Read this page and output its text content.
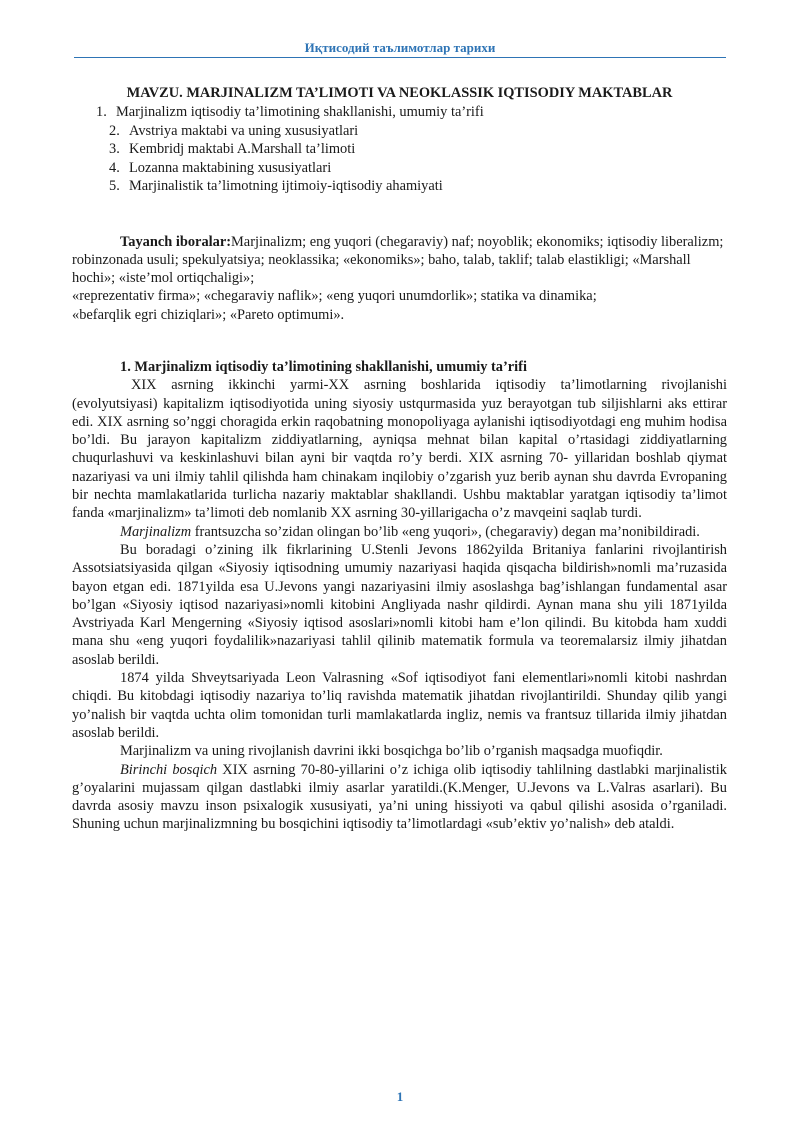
Иқтисодий таълимотлар тарихи

MAVZU. MARJINALIZM TA’LIMOTI VA NEOKLASSIK IQTISODIY MAKTABLAR

1. Marjinalizm iqtisodiy ta’limotining shakllanishi, umumiy ta’rifi
2. Avstriya maktabi va uning xususiyatlari
3. Kembridj maktabi A.Marshall ta’limoti
4. Lozanna maktabining xususiyatlari
5. Marjinalistik ta’limotning ijtimoiy-iqtisodiy ahamiyati

Tayanch iboralar:Marjinalizm; eng yuqori (chegaraviy) naf; noyoblik; ekonomiks; iqtisodiy liberalizm; robinzonada usuli; spekulyatsiya; neoklassika; «ekonomiks»; baho, talab, taklif; talab elastikligi; «Marshall hochi»; «iste’mol ortiqchaligi»;
«reprezentativ firma»; «chegaraviy naflik»; «eng yuqori unumdorlik»; statika va dinamika;
«befarqlik egri chiziqlari»; «Pareto optimumi».

1. Marjinalizm iqtisodiy ta’limotining shakllanishi, umumiy ta’rifi

XIX asrning ikkinchi yarmi-XX asrning boshlarida iqtisodiy ta’limotlarning rivojlanishi (evolyutsiyasi) kapitalizm iqtisodiyotida uning siyosiy ustqurmasida yuz berayotgan tub siljishlarni aks ettirar edi. XIX asrning so’nggi choragida erkin raqobatning monopoliyaga aylanishi iqtisodiyotdagi eng muhim hodisa bo’ldi. Bu jarayon kapitalizm ziddiyatlarning, ayniqsa mehnat bilan kapital o’rtasidagi ziddiyatlarning chuqurlashuvi va keskinlashuvi bilan ayni bir vaqtda ro’y berdi. XIX asrning 70- yillaridan boshlab qiymat nazariyasi va uni ilmiy tahlil qilishda ham chinakam inqilobiy o’zgarish yuz berib aynan shu davrda Evropaning bir nechta mamlakatlarida turlicha nazariy maktablar shakllandi. Ushbu maktablar yaratgan iqtisodiy ta’limot fanda «marjinalizm» ta’limoti deb nomlanib XX asrning 30-yillarigacha o’z mavqeini saqlab turdi.

Marjinalizm frantsuzcha so’zidan olingan bo’lib «eng yuqori», (chegaraviy) degan ma’nonibildiradi.

Bu boradagi o’zining ilk fikrlarining U.Stenli Jevons 1862yilda Britaniya fanlarini rivojlantirish Assotsiatsiyasida qilgan «Siyosiy iqtisodning umumiy nazariyasi haqida qisqacha bildirish»nomli ma’ruzasida bayon etgan edi. 1871yilda esa U.Jevons yangi nazariyasini ilmiy asoslashga bag’ishlangan fundamental asar bo’lgan «Siyosiy iqtisod nazariyasi»nomli kitobini Angliyada nashr qildirdi. Aynan mana shu yili 1871yilda Avstriyada Karl Mengerning «Siyosiy iqtisod asoslari»nomli kitobi ham e’lon qilindi. Bu kitobda ham xuddi mana shu «eng yuqori foydalilik»nazariyasi tahlil qilinib matematik formula va teoremalarsiz ilmiy jihatdan asoslab berildi.

1874 yilda Shveytsariyada Leon Valrasning «Sof iqtisodiyot fani elementlari»nomli kitobi nashrdan chiqdi. Bu kitobdagi iqtisodiy nazariya to’liq ravishda matematik jihatdan rivojlantirildi. Shunday qilib yangi yo’nalish bir vaqtda uchta olim tomonidan turli mamlakatlarda ingliz, nemis va frantsuz tillarida ilmiy jihatdan asoslab berildi.

Marjinalizm va uning rivojlanish davrini ikki bosqichga bo’lib o’rganish maqsadga muofiqdir.

Birinchi bosqich XIX asrning 70-80-yillarini o’z ichiga olib iqtisodiy tahlilning dastlabki marjinalistik g’oyalarini mujassam qilgan dastlabki ilmiy asarlar yaratildi.(K.Menger, U.Jevons va L.Valras asarlari). Bu davrda asosiy mavzu inson psixalogik xususiyati, ya’ni uning hissiyoti va qabul qilishi asosida o’rganiladi. Shuning uchun marjinalizmning bu bosqichini iqtisodiy ta’limotlardagi «sub’ektiv yo’nalish» deb ataldi.

1
